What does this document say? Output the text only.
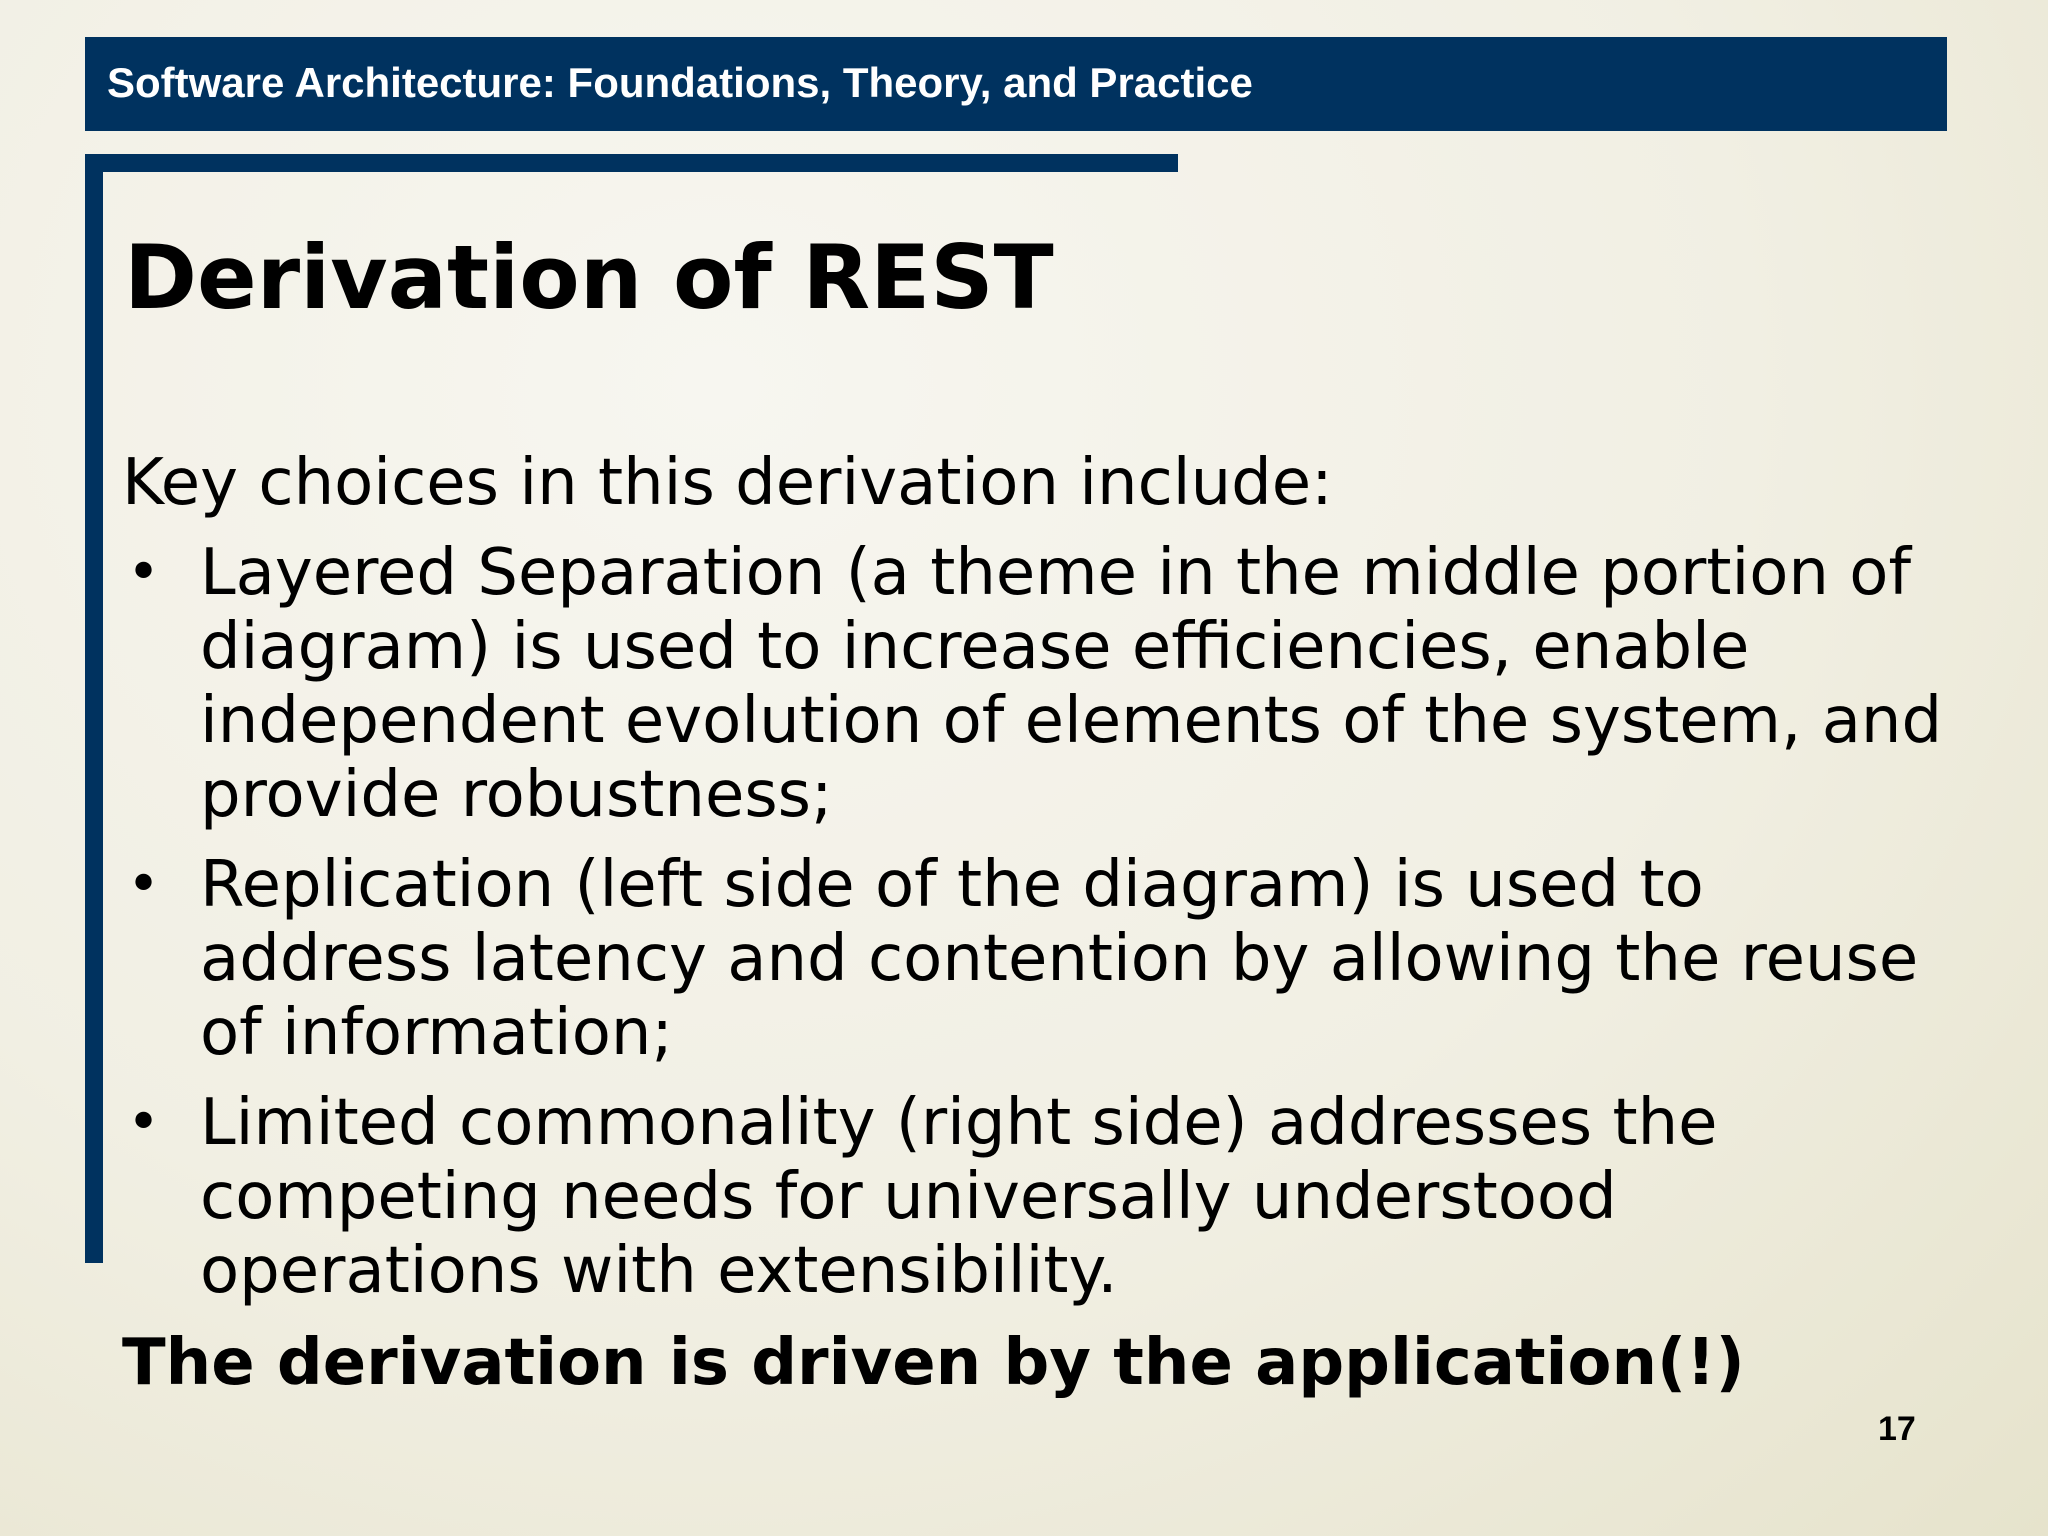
Software Architecture: Foundations, Theory, and Practice
Derivation of REST

Key choices in this derivation include:

• Layered Separation (a theme in the middle portion of diagram) is used to increase efficiencies, enable independent evolution of elements of the system, and provide robustness;
• Replication (left side of the diagram) is used to address latency and contention by allowing the reuse of information;
• Limited commonality (right side) addresses the competing needs for universally understood operations with extensibility.

The derivation is driven by the application(!)

17
